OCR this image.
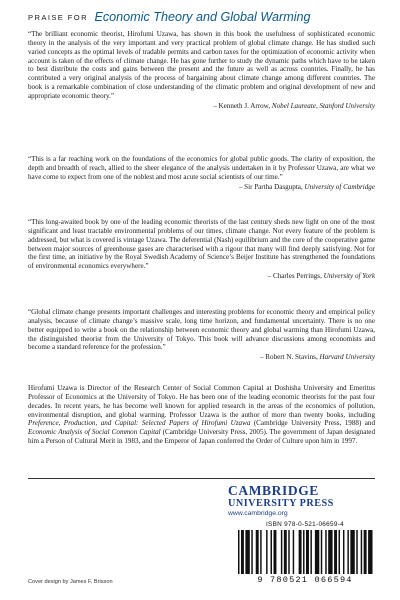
PRAISE FOR Economic Theory and Global Warming

“The brilliant economic theorist, Hirofumi Uzawa, has shown in this book the usefulness of sophisticated economic theory in the analysis of the very important and very practical problem of global climate change. He has studied such varied concepts as the optimal levels of tradable permits and carbon taxes for the optimization of economic activity when account is taken of the effects of climate change. He has gone further to study the dynamic paths which have to be taken to best distribute the costs and gains between the present and the future as well as across countries. Finally, he has contributed a very original analysis of the process of bargaining about climate change among different countries. The book is a remarkable combination of close understanding of the climatic problem and original development of new and appropriate economic theory.”

– Kenneth J. Arrow, Nobel Laureate, Stanford University

“This is a far reaching work on the foundations of the economics for global public goods. The clarity of exposition, the depth and breadth of reach, allied to the sheer elegance of the analysis undertaken in it by Professor Uzawa, are what we have come to expect from one of the noblest and most acute social scientists of our time.”

– Sir Partha Dasgupta, University of Cambridge

“This long-awaited book by one of the leading economic theorists of the last century sheds new light on one of the most significant and least tractable environmental problems of our times, climate change. Not every feature of the problem is addressed, but what is covered is vintage Uzawa. The deferential (Nash) equilibrium and the core of the cooperative game between major sources of greenhouse gases are characterised with a rigour that many will find deeply satisfying. Not for the first time, an initiative by the Royal Swedish Academy of Science’s Beijer Institute has strengthened the foundations of environmental economics everywhere.”

– Charles Perrings, University of York

“Global climate change presents important challenges and interesting problems for economic theory and empirical policy analysis, because of climate change’s massive scale, long time horizon, and fundamental uncertainty. There is no one better equipped to write a book on the relationship between economic theory and global warming than Hirofumi Uzawa, the distinguished theorist from the University of Tokyo. This book will advance discussions among economists and become a standard reference for the profession.”

– Robert N. Stavins, Harvard University

Hirofumi Uzawa is Director of the Research Center of Social Common Capital at Doshisha University and Emeritus Professor of Economics at the University of Tokyo. He has been one of the leading economic theorists for the past four decades. In recent years, he has become well known for applied research in the areas of the economics of pollution, environmental disruption, and global warming. Professor Uzawa is the author of more than twenty books, including Preference, Production, and Capital: Selected Papers of Hirofumi Uzawa (Cambridge University Press, 1988) and Economic Analysis of Social Common Capital (Cambridge University Press, 2005). The government of Japan designated him a Person of Cultural Merit in 1983, and the Emperor of Japan conferred the Order of Culture upon him in 1997.

CAMBRIDGE
UNIVERSITY PRESS
www.cambridge.org
ISBN 978-0-521-06659-4
9 780521 066594
Cover design by James F. Brisson
